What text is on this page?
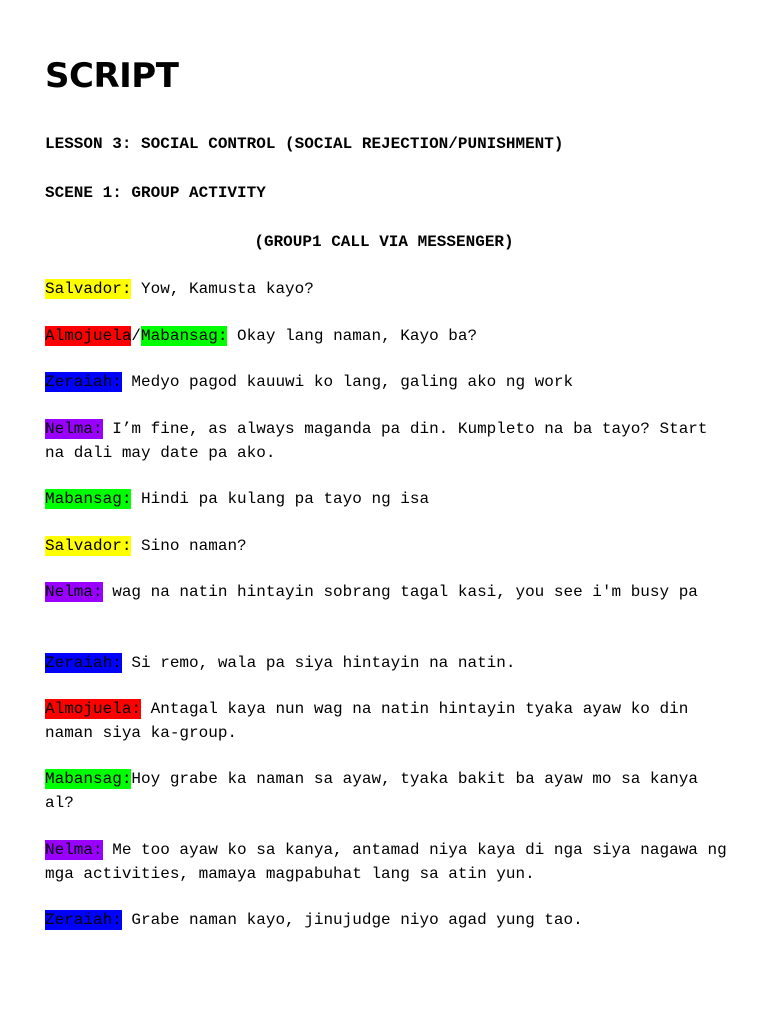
SCRIPT

LESSON 3: SOCIAL CONTROL (SOCIAL REJECTION/PUNISHMENT)

SCENE 1: GROUP ACTIVITY

(GROUP1 CALL VIA MESSENGER)

Salvador: Yow, Kamusta kayo?

Almojuela/Mabansag: Okay lang naman, Kayo ba?

Zeraiah: Medyo pagod kauuwi ko lang, galing ako ng work

Nelma: I’m fine, as always maganda pa din. Kumpleto na ba tayo? Start na dali may date pa ako.

Mabansag: Hindi pa kulang pa tayo ng isa

Salvador: Sino naman?

Nelma: wag na natin hintayin sobrang tagal kasi, you see i'm busy pa

Zeraiah: Si remo, wala pa siya hintayin na natin.

Almojuela: Antagal kaya nun wag na natin hintayin tyaka ayaw ko din naman siya ka-group.

Mabansag:Hoy grabe ka naman sa ayaw, tyaka bakit ba ayaw mo sa kanya al?

Nelma: Me too ayaw ko sa kanya, antamad niya kaya di nga siya nagawa ng mga activities, mamaya magpabuhat lang sa atin yun.

Zeraiah: Grabe naman kayo, jinujudge niyo agad yung tao.
